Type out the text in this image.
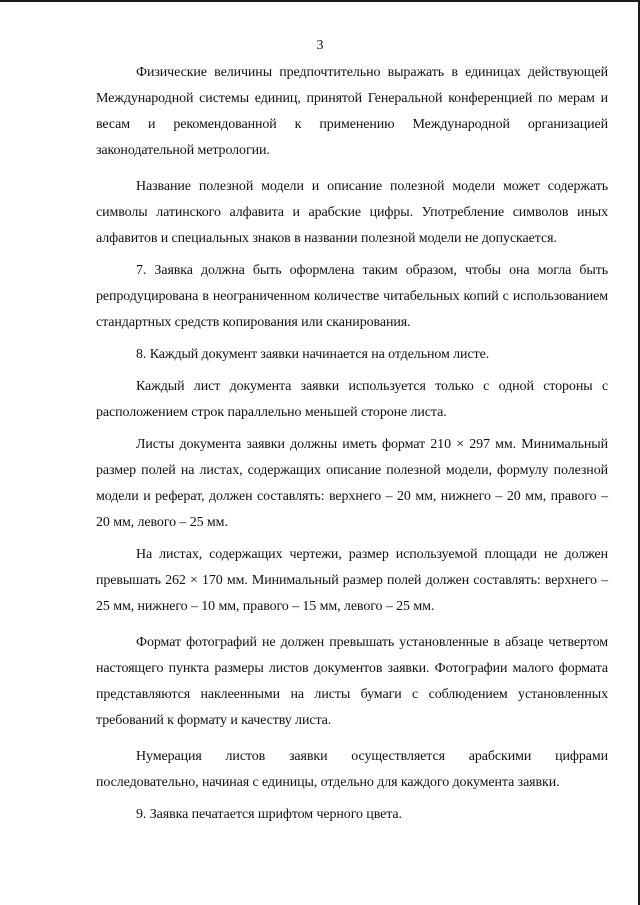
3

Физические величины предпочтительно выражать в единицах действующей Международной системы единиц, принятой Генеральной конференцией по мерам и весам и рекомендованной к применению Международной организацией законодательной метрологии.

Название полезной модели и описание полезной модели может содержать символы латинского алфавита и арабские цифры. Употребление символов иных алфавитов и специальных знаков в названии полезной модели не допускается.

7. Заявка должна быть оформлена таким образом, чтобы она могла быть репродуцирована в неограниченном количестве читабельных копий с использованием стандартных средств копирования или сканирования.

8. Каждый документ заявки начинается на отдельном листе.

Каждый лист документа заявки используется только с одной стороны с расположением строк параллельно меньшей стороне листа.

Листы документа заявки должны иметь формат 210 × 297 мм. Минимальный размер полей на листах, содержащих описание полезной модели, формулу полезной модели и реферат, должен составлять: верхнего – 20 мм, нижнего – 20 мм, правого – 20 мм, левого – 25 мм.

На листах, содержащих чертежи, размер используемой площади не должен превышать 262 × 170 мм. Минимальный размер полей должен составлять: верхнего – 25 мм, нижнего – 10 мм, правого – 15 мм, левого – 25 мм.

Формат фотографий не должен превышать установленные в абзаце четвертом настоящего пункта размеры листов документов заявки. Фотографии малого формата представляются наклеенными на листы бумаги с соблюдением установленных требований к формату и качеству листа.

Нумерация листов заявки осуществляется арабскими цифрами последовательно, начиная с единицы, отдельно для каждого документа заявки.

9. Заявка печатается шрифтом черного цвета.
